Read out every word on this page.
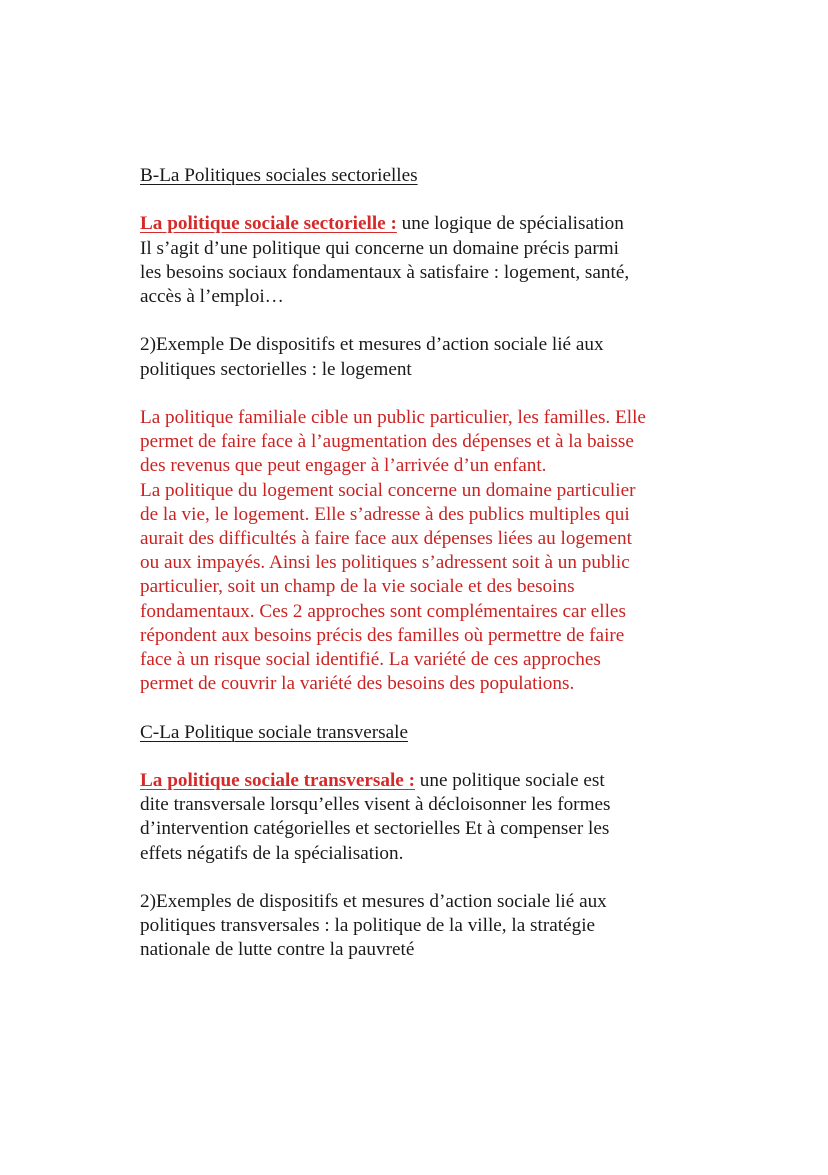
B-La Politiques sociales sectorielles
La politique sociale sectorielle : une logique de spécialisation
Il s’agit d’une politique qui concerne un domaine précis parmi
les besoins sociaux fondamentaux à satisfaire : logement, santé,
accès à l’emploi…
2)Exemple De dispositifs et mesures d’action sociale lié aux
politiques sectorielles : le logement
La politique familiale cible un public particulier, les familles. Elle
permet de faire face à l’augmentation des dépenses et à la baisse
des revenus que peut engager à l’arrivée d’un enfant.
La politique du logement social concerne un domaine particulier
de la vie, le logement. Elle s’adresse à des publics multiples qui
aurait des difficultés à faire face aux dépenses liées au logement
ou aux impayés. Ainsi les politiques s’adressent soit à un public
particulier, soit un champ de la vie sociale et des besoins
fondamentaux. Ces 2 approches sont complémentaires car elles
répondent aux besoins précis des familles où permettre de faire
face à un risque social identifié. La variété de ces approches
permet de couvrir la variété des besoins des populations.
C-La Politique sociale transversale
La politique sociale transversale : une politique sociale est
dite transversale lorsqu’elles visent à décloisonner les formes
d’intervention catégorielles et sectorielles Et à compenser les
effets négatifs de la spécialisation.
2)Exemples de dispositifs et mesures d’action sociale lié aux
politiques transversales : la politique de la ville, la stratégie
nationale de lutte contre la pauvreté
